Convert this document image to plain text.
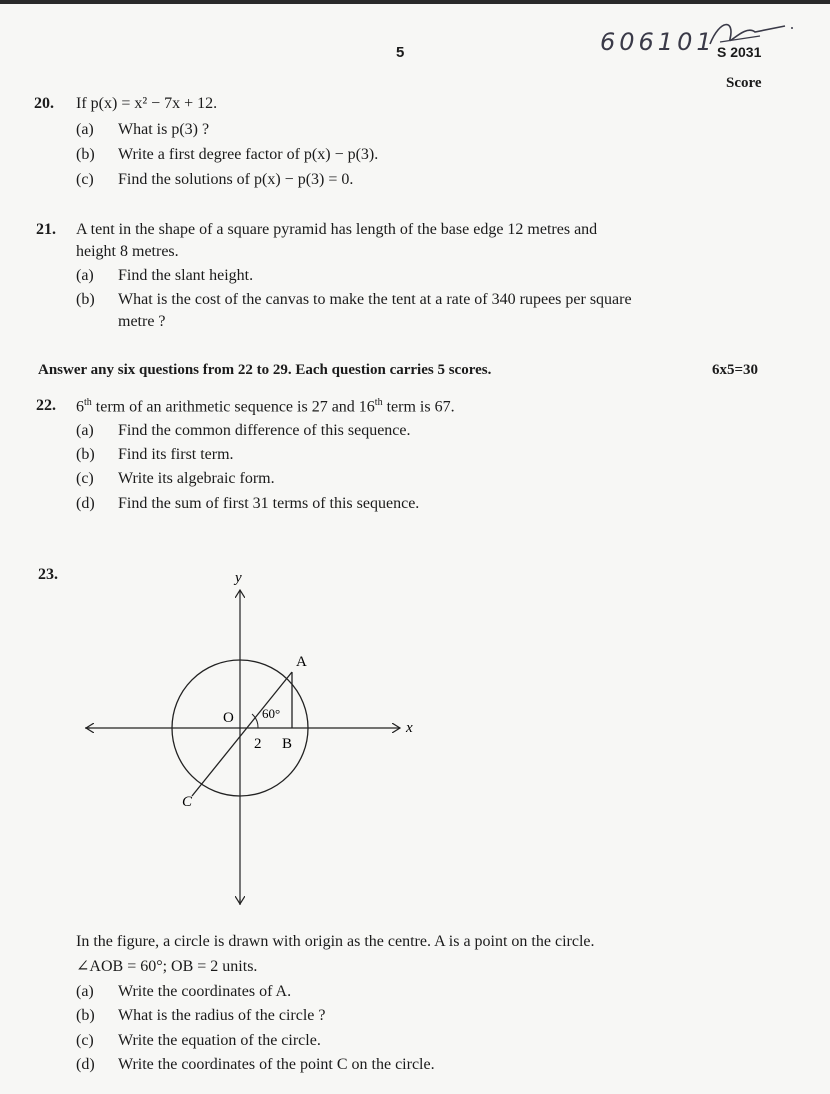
5	606101 S 2031
Score
20. If p(x) = x² − 7x + 12.
(a) What is p(3) ?
(b) Write a first degree factor of p(x) − p(3).
(c) Find the solutions of p(x) − p(3) = 0.
21. A tent in the shape of a square pyramid has length of the base edge 12 metres and
height 8 metres.
(a) Find the slant height.
(b) What is the cost of the canvas to make the tent at a rate of 340 rupees per square
metre ?
Answer any six questions from 22 to 29. Each question carries 5 scores.	6x5=30
22. 6th term of an arithmetic sequence is 27 and 16th term is 67.
(a) Find the common difference of this sequence.
(b) Find its first term.
(c) Write its algebraic form.
(d) Find the sum of first 31 terms of this sequence.
23.	y
x
A
O 60°
2 B
C
In the figure, a circle is drawn with origin as the centre. A is a point on the circle.
∠AOB = 60°; OB = 2 units.
(a) Write the coordinates of A.
(b) What is the radius of the circle ?
(c) Write the equation of the circle.
(d) Write the coordinates of the point C on the circle.
